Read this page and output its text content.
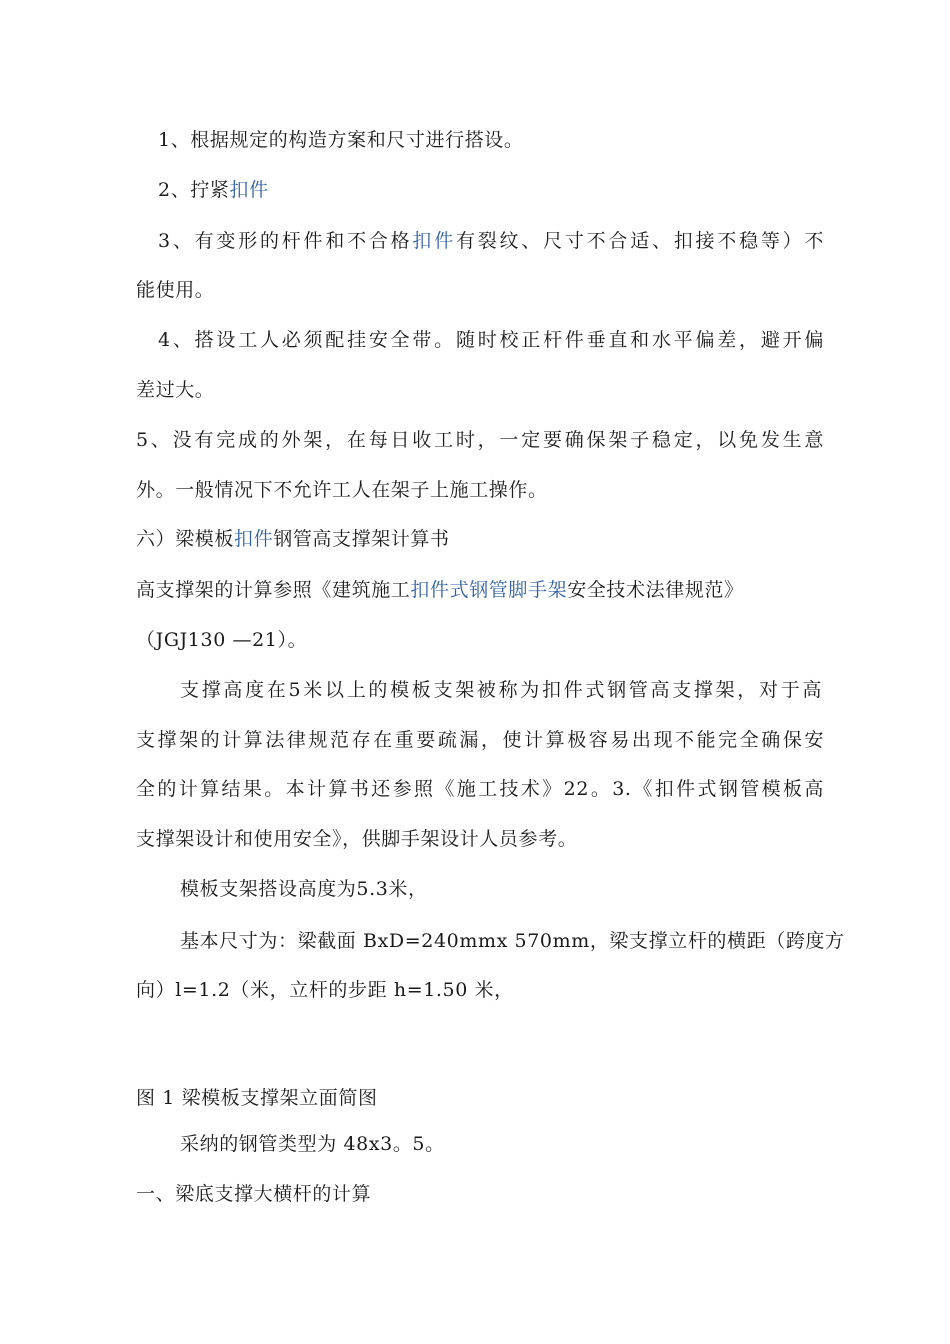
1、根据规定的构造方案和尺寸进行搭设。
2、拧紧扣件
3、有变形的杆件和不合格扣件有裂纹、尺寸不合适、扣接不稳等）不
能使用。
4、搭设工人必须配挂安全带。随时校正杆件垂直和水平偏差，避开偏
差过大。
5、没有完成的外架，在每日收工时，一定要确保架子稳定，以免发生意
外。一般情况下不允许工人在架子上施工操作。
六）梁模板扣件钢管高支撑架计算书
高支撑架的计算参照《建筑施工扣件式钢管脚手架安全技术法律规范》
（JGJ130 —21）。
支撑高度在5米以上的模板支架被称为扣件式钢管高支撑架，对于高
支撑架的计算法律规范存在重要疏漏，使计算极容易出现不能完全确保安
全的计算结果。本计算书还参照《施工技术》22。3.《扣件式钢管模板高
支撑架设计和使用安全》，供脚手架设计人员参考。
模板支架搭设高度为5.3米，
基本尺寸为：梁截面 BxD=240mmx 570mm，梁支撑立杆的横距（跨度方
向）l=1.2（米，立杆的步距 h=1.50 米，
图 1 梁模板支撑架立面简图
采纳的钢管类型为 48x3。5。
一、梁底支撑大横杆的计算
